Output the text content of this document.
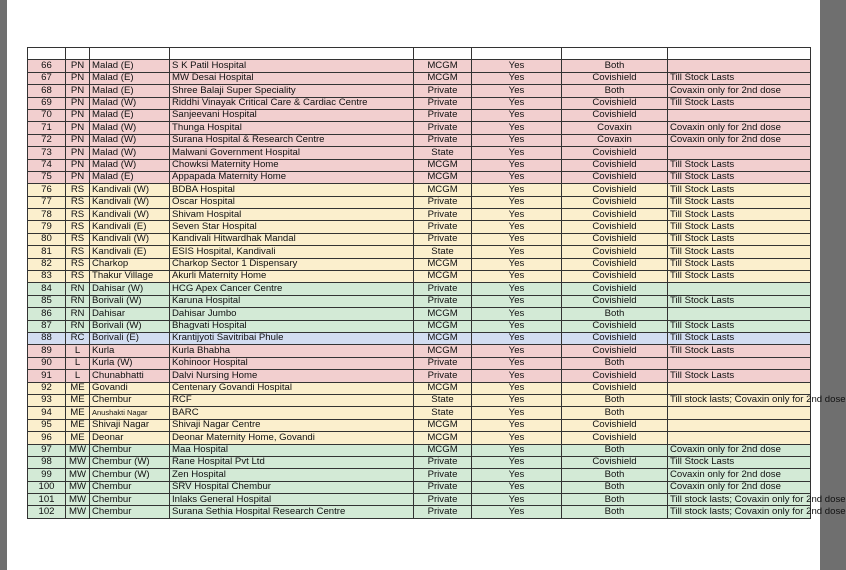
66	PN	Malad (E)	S K Patil Hospital	MCGM	Yes	Both	
67	PN	Malad (E)	MW Desai Hospital	MCGM	Yes	Covishield	Till Stock Lasts
68	PN	Malad (E)	Shree Balaji Super Speciality	Private	Yes	Both	Covaxin only for 2nd dose
69	PN	Malad (W)	Riddhi Vinayak Critical Care & Cardiac Centre	Private	Yes	Covishield	Till Stock Lasts
70	PN	Malad (E)	Sanjeevani Hospital	Private	Yes	Covishield	
71	PN	Malad (W)	Thunga Hospital	Private	Yes	Covaxin	Covaxin only for 2nd dose
72	PN	Malad (W)	Surana Hospital & Research Centre	Private	Yes	Covaxin	Covaxin only for 2nd dose
73	PN	Malad (W)	Malwani Government Hospital	State	Yes	Covishield	
74	PN	Malad (W)	Chowksi Maternity Home	MCGM	Yes	Covishield	Till Stock Lasts
75	PN	Malad (E)	Appapada Maternity Home	MCGM	Yes	Covishield	Till Stock Lasts
76	RS	Kandivali (W)	BDBA Hospital	MCGM	Yes	Covishield	Till Stock Lasts
77	RS	Kandivali (W)	Oscar Hospital	Private	Yes	Covishield	Till Stock Lasts
78	RS	Kandivali (W)	Shivam Hospital	Private	Yes	Covishield	Till Stock Lasts
79	RS	Kandivali (E)	Seven Star Hospital	Private	Yes	Covishield	Till Stock Lasts
80	RS	Kandivali (W)	Kandivali Hitwardhak Mandal	Private	Yes	Covishield	Till Stock Lasts
81	RS	Kandivali (E)	ESIS Hospital, Kandivali	State	Yes	Covishield	Till Stock Lasts
82	RS	Charkop	Charkop Sector 1 Dispensary	MCGM	Yes	Covishield	Till Stock Lasts
83	RS	Thakur Village	Akurli Maternity Home	MCGM	Yes	Covishield	Till Stock Lasts
84	RN	Dahisar (W)	HCG Apex Cancer Centre	Private	Yes	Covishield	
85	RN	Borivali (W)	Karuna Hospital	Private	Yes	Covishield	Till Stock Lasts
86	RN	Dahisar	Dahisar Jumbo	MCGM	Yes	Both	
87	RN	Borivali (W)	Bhagvati Hospital	MCGM	Yes	Covishield	Till Stock Lasts
88	RC	Borivali (E)	Krantijyoti Savitribai Phule	MCGM	Yes	Covishield	Till Stock Lasts
89	L	Kurla	Kurla Bhabha	MCGM	Yes	Covishield	Till Stock Lasts
90	L	Kurla (W)	Kohinoor Hospital	Private	Yes	Both	
91	L	Chunabhatti	Dalvi Nursing Home	Private	Yes	Covishield	Till Stock Lasts
92	ME	Govandi	Centenary Govandi Hospital	MCGM	Yes	Covishield	
93	ME	Chembur	RCF	State	Yes	Both	Till stock lasts; Covaxin only for 2nd dose
94	ME	Anushakti Nagar	BARC	State	Yes	Both	
95	ME	Shivaji Nagar	Shivaji Nagar Centre	MCGM	Yes	Covishield	
96	ME	Deonar	Deonar Maternity Home, Govandi	MCGM	Yes	Covishield	
97	MW	Chembur	Maa Hospital	MCGM	Yes	Both	Covaxin only for 2nd dose
98	MW	Chembur (W)	Rane Hospital Pvt Ltd	Private	Yes	Covishield	Till Stock Lasts
99	MW	Chembur (W)	Zen Hospital	Private	Yes	Both	Covaxin only for 2nd dose
100	MW	Chembur	SRV Hospital Chembur	Private	Yes	Both	Covaxin only for 2nd dose
101	MW	Chembur	Inlaks General Hospital	Private	Yes	Both	Till stock lasts; Covaxin only for 2nd dose
102	MW	Chembur	Surana Sethia Hospital Research Centre	Private	Yes	Both	Till stock lasts; Covaxin only for 2nd dose
